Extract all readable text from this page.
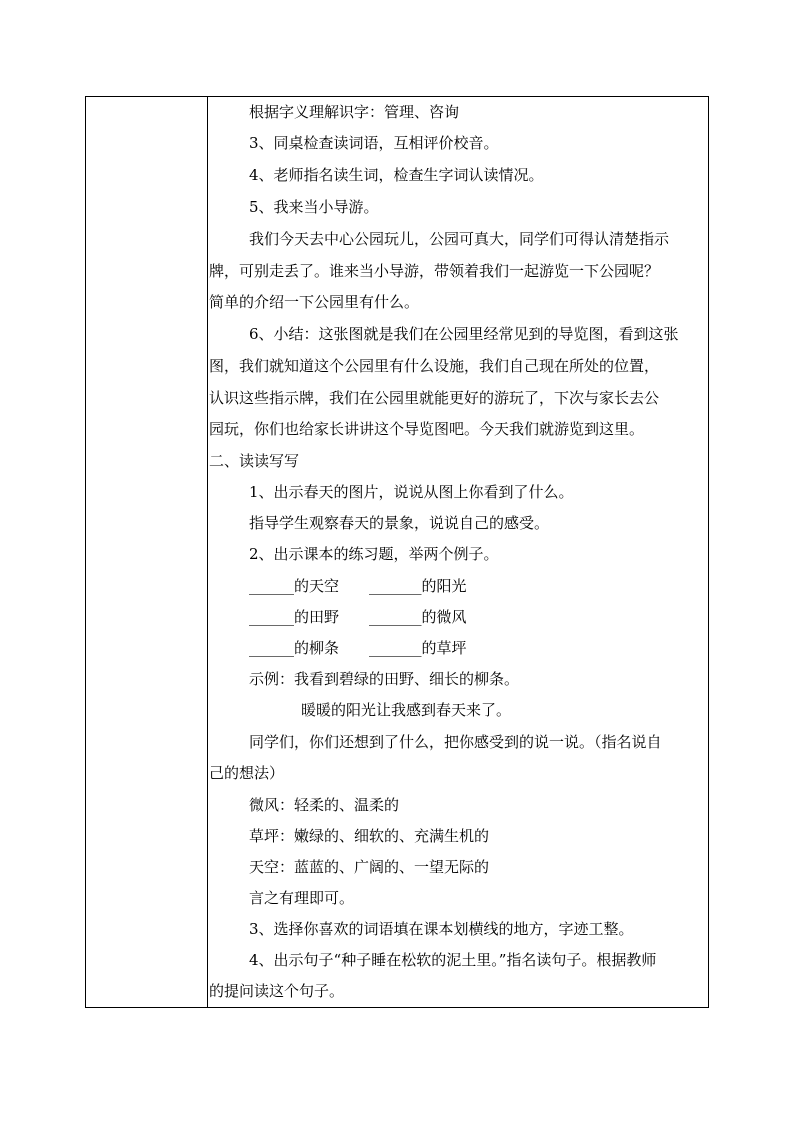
根据字义理解识字：管理、咨询
3、同桌检查读词语，互相评价校音。
4、老师指名读生词，检查生字词认读情况。
5、我来当小导游。
我们今天去中心公园玩儿，公园可真大，同学们可得认清楚指示
牌，可别走丢了。谁来当小导游，带领着我们一起游览一下公园呢？
简单的介绍一下公园里有什么。
6、小结：这张图就是我们在公园里经常见到的导览图，看到这张
图，我们就知道这个公园里有什么设施，我们自己现在所处的位置，
认识这些指示牌，我们在公园里就能更好的游玩了，下次与家长去公
园玩，你们也给家长讲讲这个导览图吧。今天我们就游览到这里。
二、读读写写
1、出示春天的图片，说说从图上你看到了什么。
指导学生观察春天的景象，说说自己的感受。
2、出示课本的练习题，举两个例子。
______的天空　　_______的阳光
______的田野　　_______的微风
______的柳条　　_______的草坪
示例：我看到碧绿的田野、细长的柳条。
暖暖的阳光让我感到春天来了。
同学们，你们还想到了什么，把你感受到的说一说。（指名说自
己的想法）
微风：轻柔的、温柔的
草坪：嫩绿的、细软的、充满生机的
天空：蓝蓝的、广阔的、一望无际的
言之有理即可。
3、选择你喜欢的词语填在课本划横线的地方，字迹工整。
4、出示句子“种子睡在松软的泥土里。”指名读句子。根据教师
的提问读这个句子。
